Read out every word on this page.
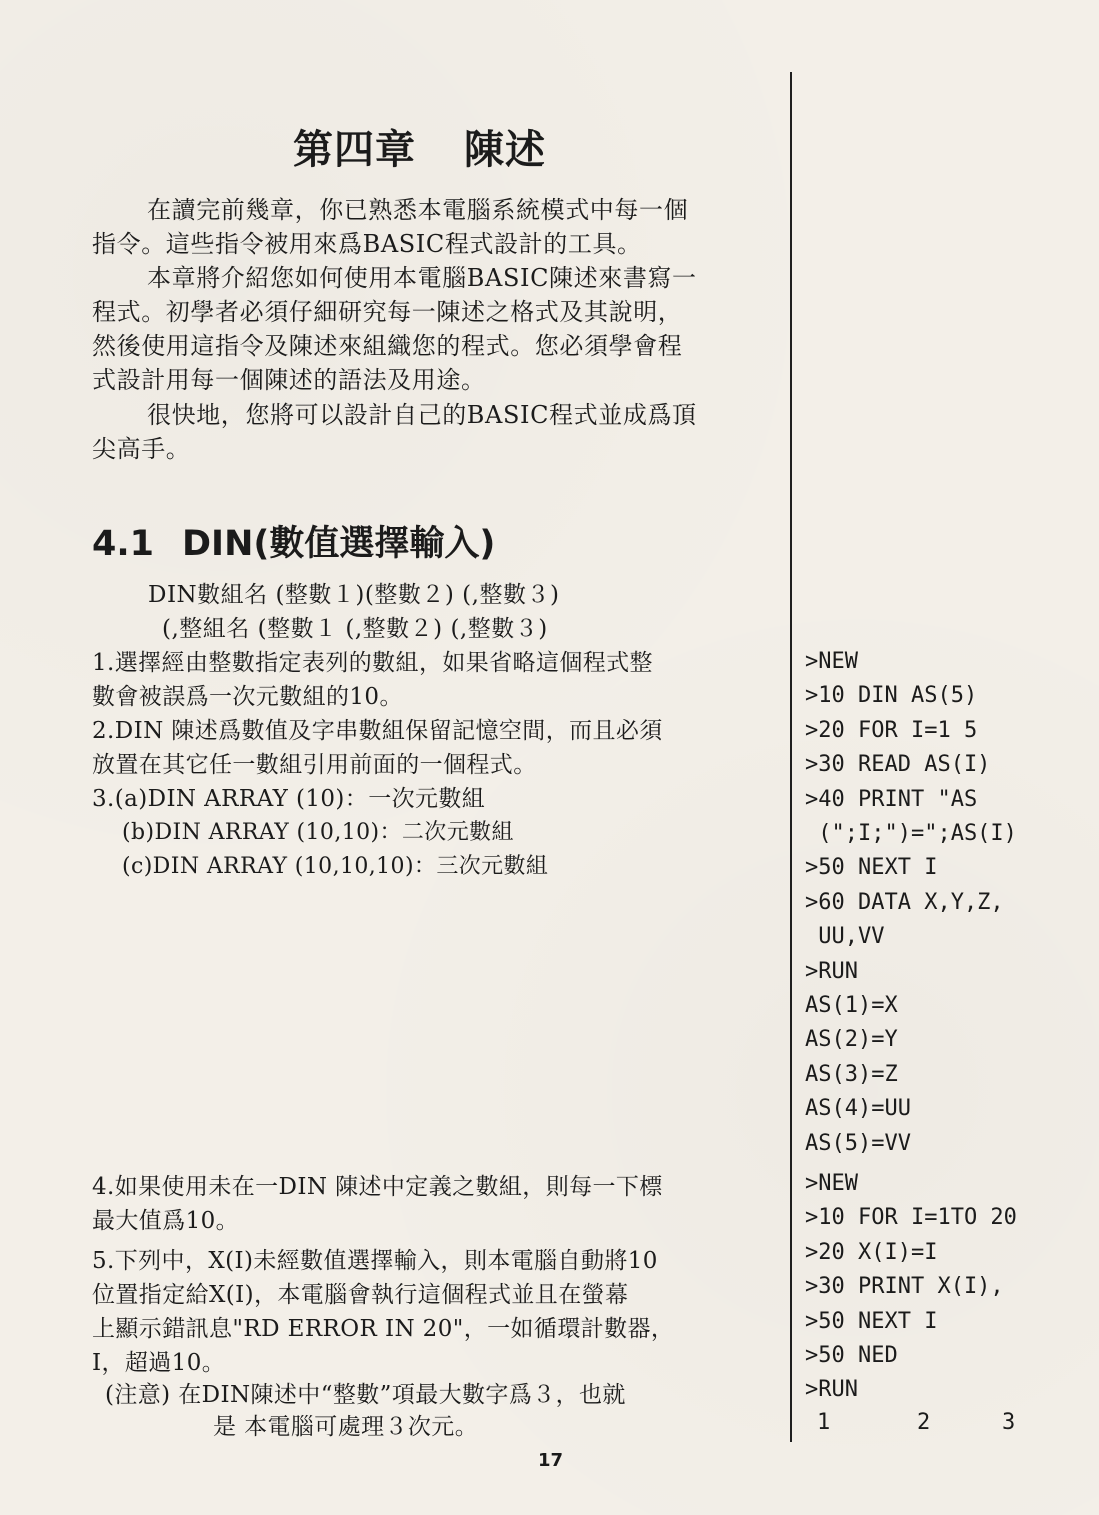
第四章 陳述
在讀完前幾章，你已熟悉本電腦系統模式中每一個
指令。這些指令被用來爲BASIC程式設計的工具。
本章將介紹您如何使用本電腦BASIC陳述來書寫一
程式。初學者必須仔細研究每一陳述之格式及其說明，
然後使用這指令及陳述來組織您的程式。您必須學會程
式設計用每一個陳述的語法及用途。
很快地，您將可以設計自己的BASIC程式並成爲頂
尖高手。
4.1 DIN(數值選擇輸入)
DIN數組名 (整數１)(整數２) (,整數３)
(,整組名 (整數１ (,整數２) (,整數３)
1.選擇經由整數指定表列的數組，如果省略這個程式整
數會被誤爲一次元數組的10。
2.DIN 陳述爲數值及字串數組保留記憶空間，而且必須
放置在其它任一數組引用前面的一個程式。
3.(a)DIN ARRAY (10)：一次元數組
(b)DIN ARRAY (10,10)：二次元數組
(c)DIN ARRAY (10,10,10)：三次元數組
4.如果使用未在一DIN 陳述中定義之數組，則每一下標
最大值爲10。
5.下列中，X(I)未經數值選擇輸入，則本電腦自動將10
位置指定給X(I)，本電腦會執行這個程式並且在螢幕
上顯示錯訊息"RD ERROR IN 20"，一如循環計數器，
I，超過10。
(注意) 在DIN陳述中“整數”項最大數字爲３，也就
是 本電腦可處理３次元。
>NEW
>10 DIN AS(5)
>20 FOR I=1 5
>30 READ AS(I)
>40 PRINT "AS
(";I;")=";AS(I)
>50 NEXT I
>60 DATA X,Y,Z,
UU,VV
>RUN
AS(1)=X
AS(2)=Y
AS(3)=Z
AS(4)=UU
AS(5)=VV
>NEW
>10 FOR I=1TO 20
>20 X(I)=I
>30 PRINT X(I),
>50 NEXT I
>50 NED
>RUN
1	2	3
17
